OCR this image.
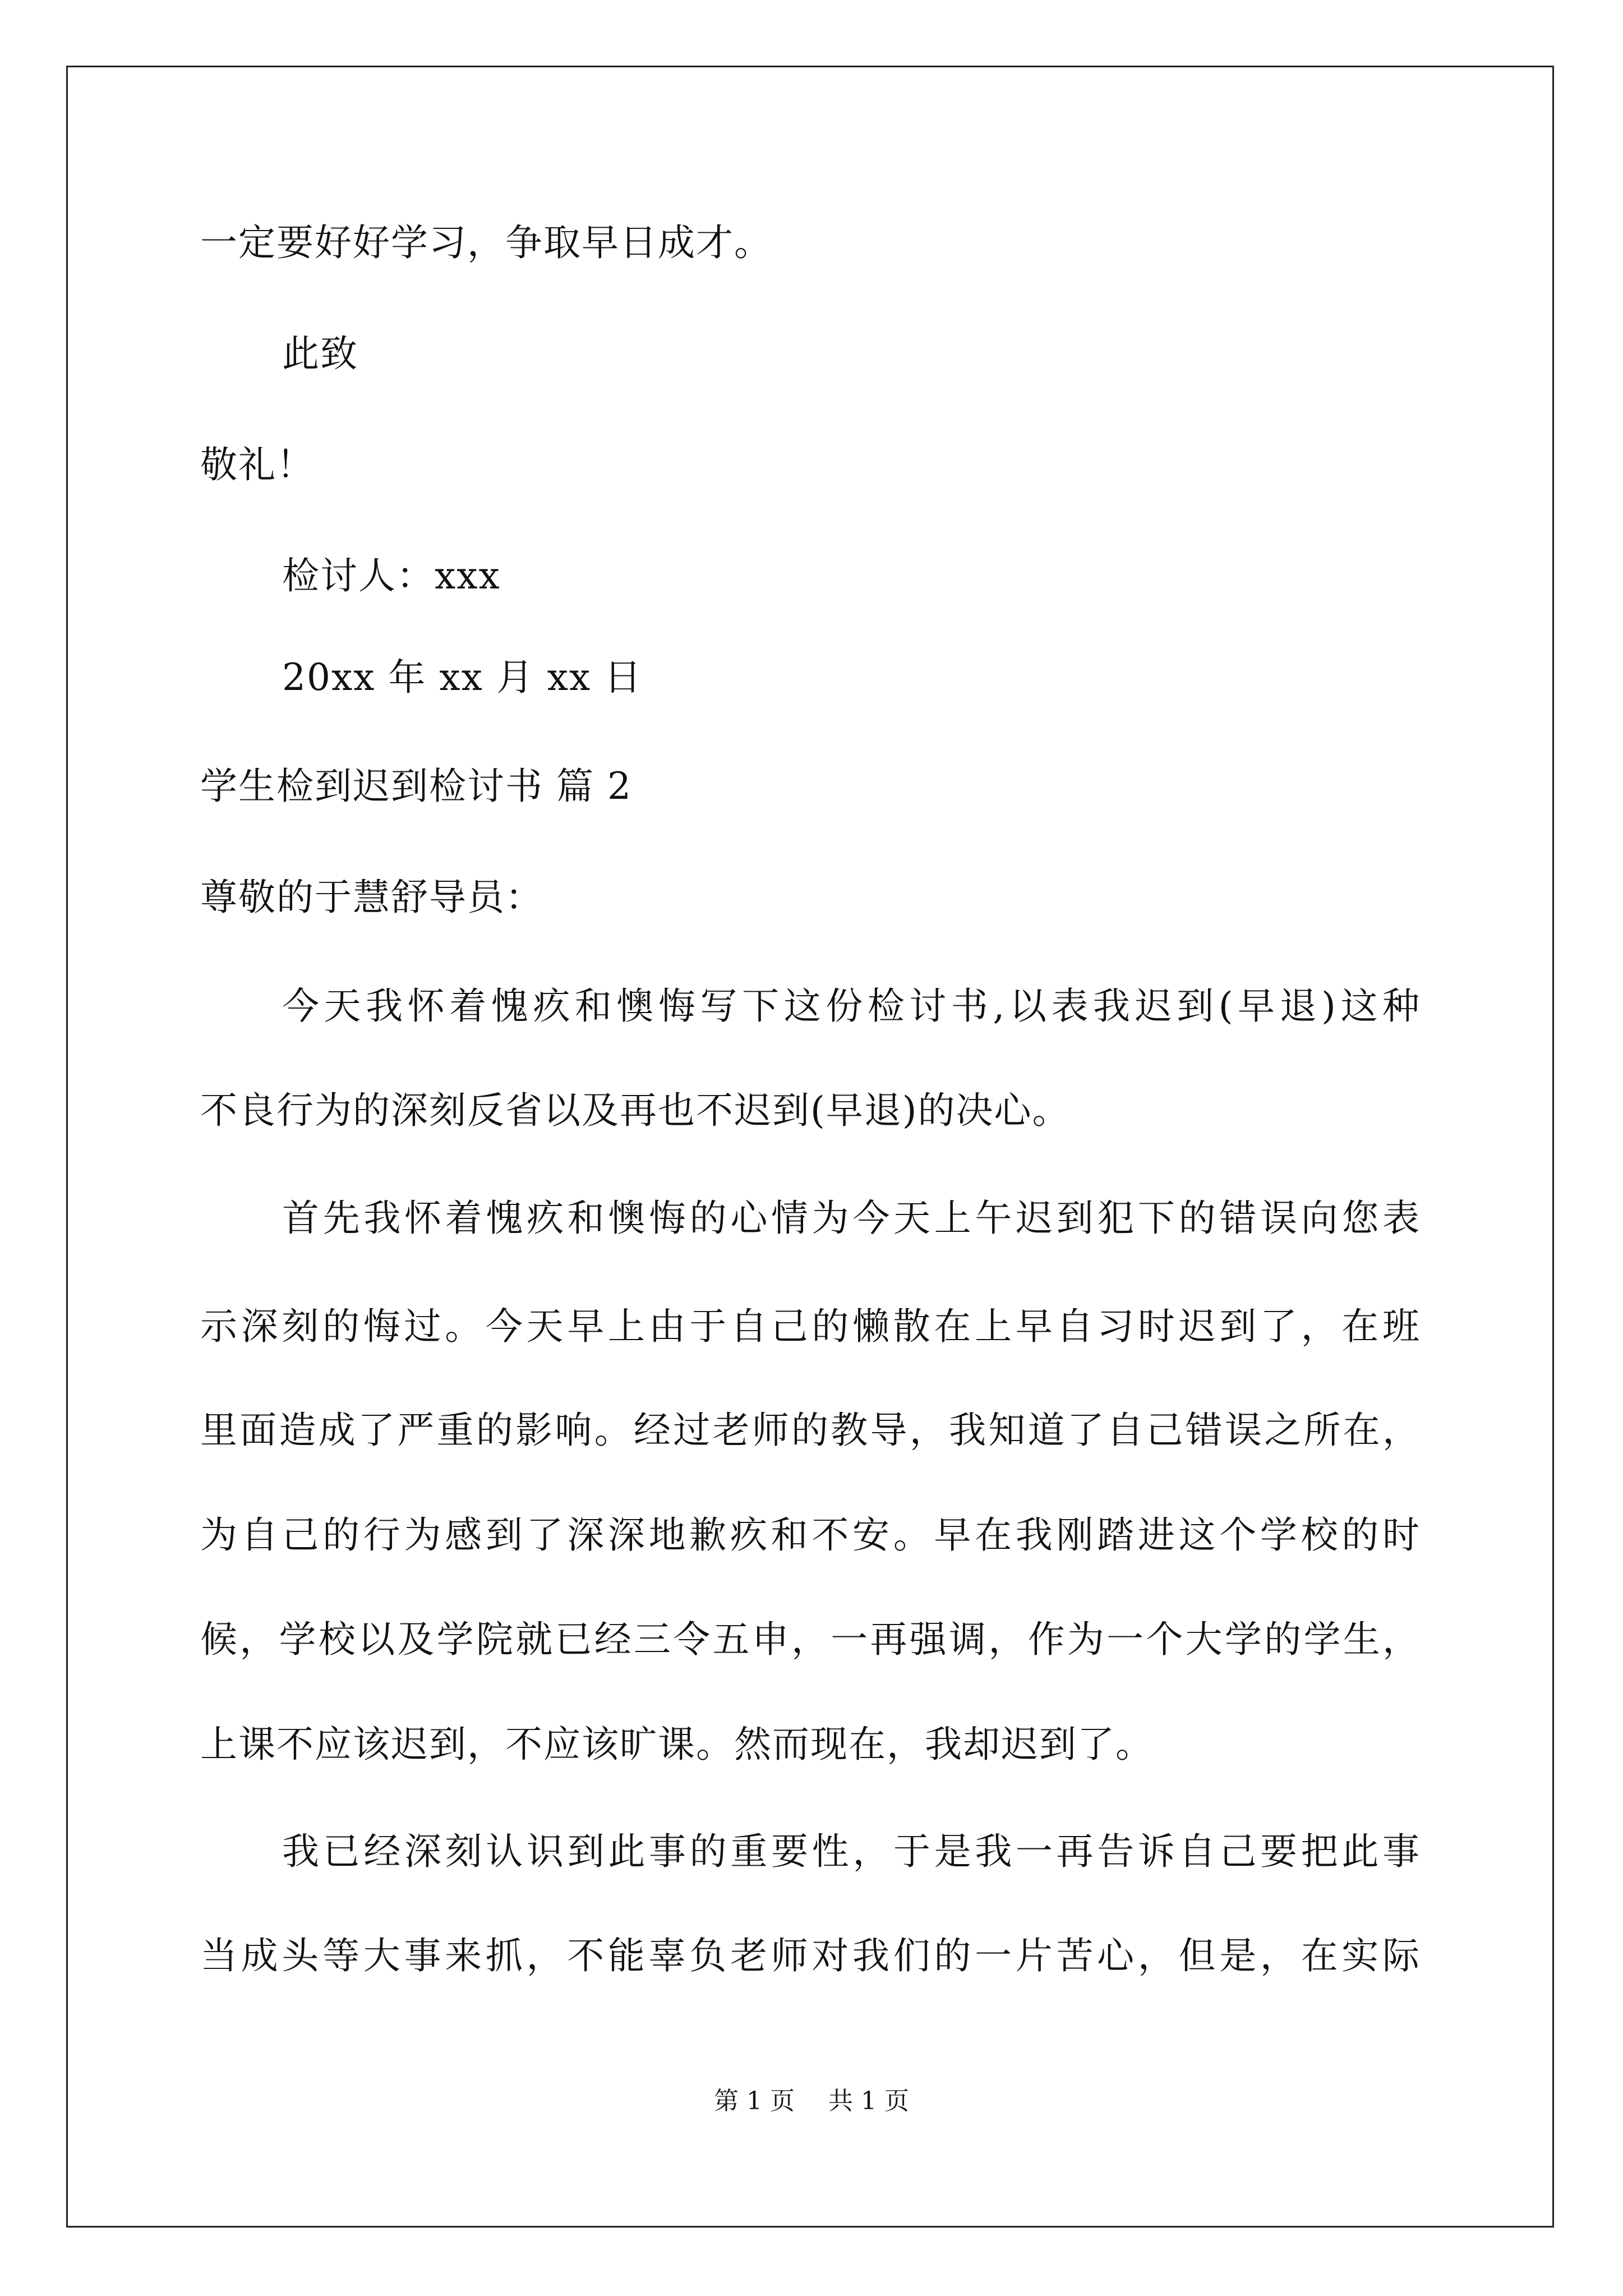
一定要好好学习，争取早日成才。
此致
敬礼！
检讨人：xxx
20xx 年 xx 月 xx 日
学生检到迟到检讨书 篇 2
尊敬的于慧舒导员：
今天我怀着愧疚和懊悔写下这份检讨书,以表我迟到(早退)这种
不良行为的深刻反省以及再也不迟到(早退)的决心。
首先我怀着愧疚和懊悔的心情为今天上午迟到犯下的错误向您表
示深刻的悔过。今天早上由于自己的懒散在上早自习时迟到了，在班
里面造成了严重的影响。经过老师的教导，我知道了自己错误之所在，
为自己的行为感到了深深地歉疚和不安。早在我刚踏进这个学校的时
候，学校以及学院就已经三令五申，一再强调，作为一个大学的学生，
上课不应该迟到，不应该旷课。然而现在，我却迟到了。
我已经深刻认识到此事的重要性，于是我一再告诉自己要把此事
当成头等大事来抓，不能辜负老师对我们的一片苦心，但是，在实际
第 1 页 共 1 页
